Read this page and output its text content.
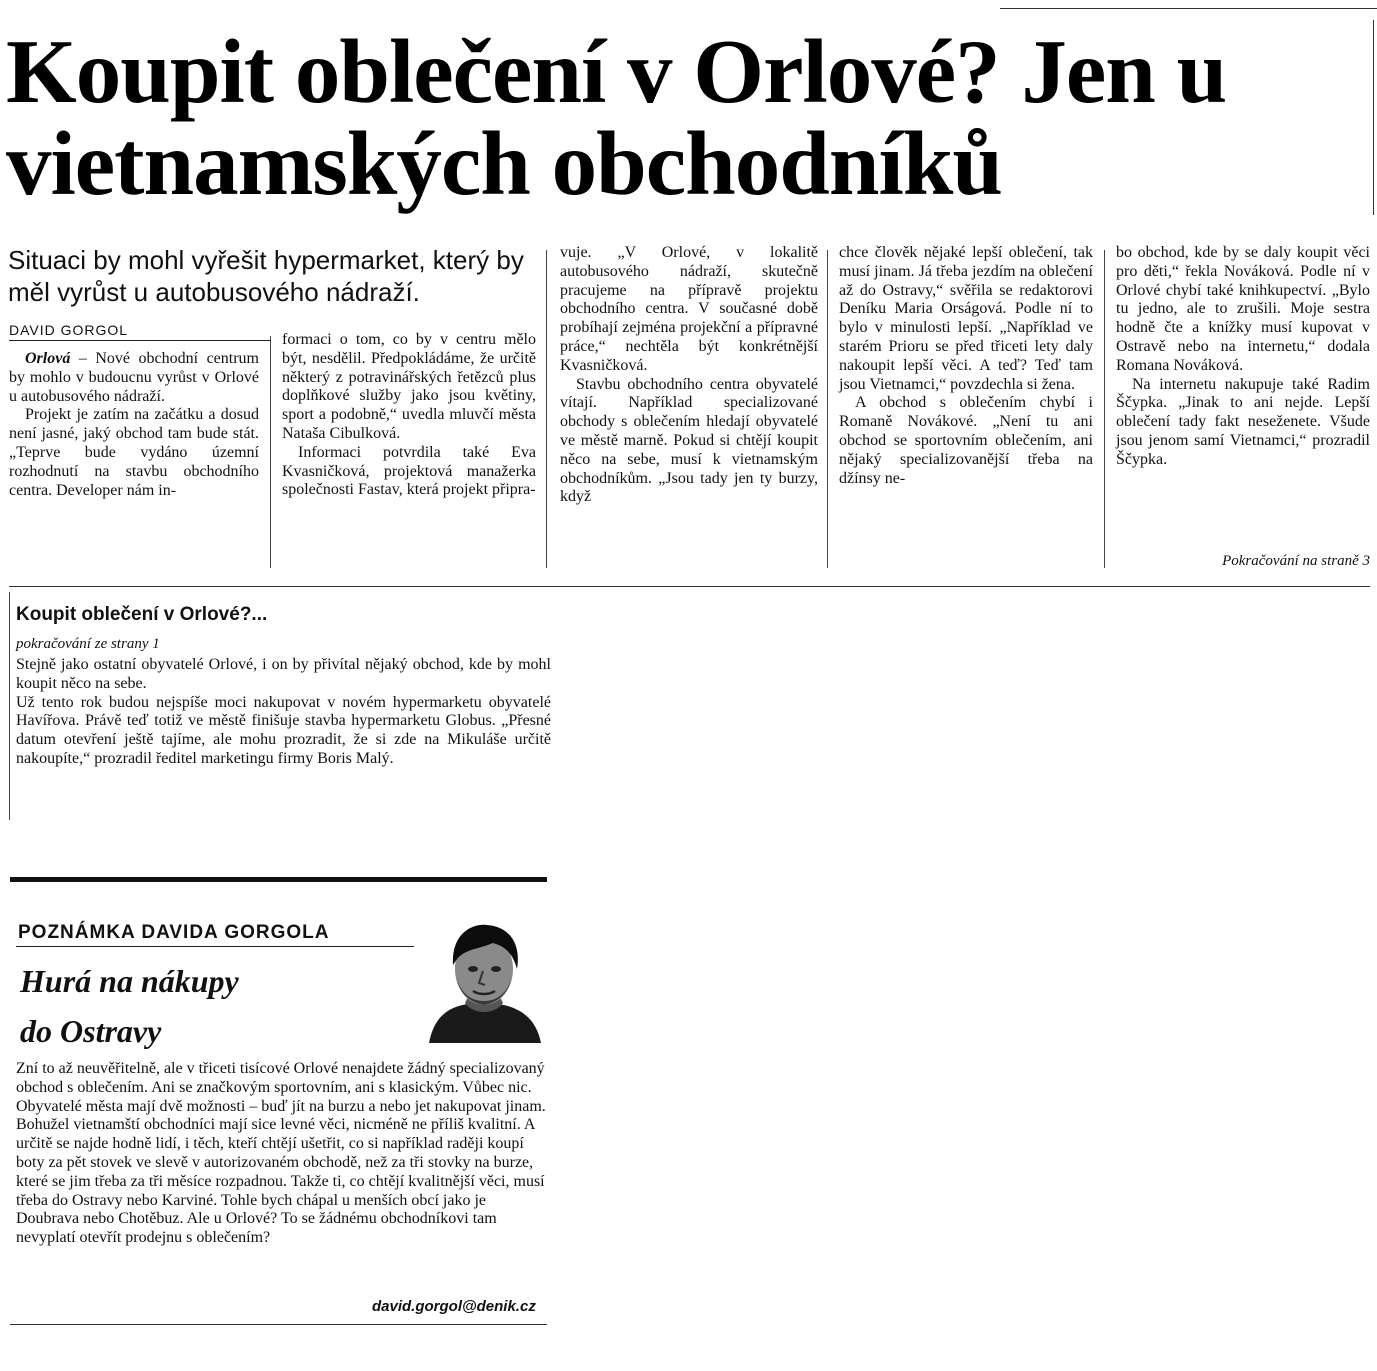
Koupit oblečení v Orlové? Jen u vietnamských obchodníků

Situaci by mohl vyřešit hypermarket, který by měl vyrůst u autobusového nádraží.

DAVID GORGOL

Orlová – Nové obchodní centrum by mohlo v budoucnu vyrůst v Orlové u autobusového nádraží.

Projekt je zatím na začátku a dosud není jasné, jaký obchod tam bude stát. „Teprve bude vydáno územní rozhodnutí na stavbu obchodního centra. Developer nám in-

formaci o tom, co by v centru mělo být, nesdělil. Předpokládáme, že určitě některý z potravinářských řetězců plus doplňkové služby jako jsou květiny, sport a podobně,“ uvedla mluvčí města Nataša Cibulková.

Informaci potvrdila také Eva Kvasničková, projektová manažerka společnosti Fastav, která projekt připra-

vuje. „V Orlové, v lokalitě autobusového nádraží, skutečně pracujeme na přípravě projektu obchodního centra. V současné době probíhají zejména projekční a přípravné práce,“ nechtěla být konkrétnější Kvasničková.

Stavbu obchodního centra obyvatelé vítají. Například specializované obchody s oblečením hledají obyvatelé ve městě marně. Pokud si chtějí koupit něco na sebe, musí k vietnamským obchodníkům. „Jsou tady jen ty burzy, když

chce člověk nějaké lepší oblečení, tak musí jinam. Já třeba jezdím na oblečení až do Ostravy,“ svěřila se redaktorovi Deníku Maria Orságová. Podle ní to bylo v minulosti lepší. „Například ve starém Prioru se před třiceti lety daly nakoupit lepší věci. A teď? Teď tam jsou Vietnamci,“ povzdechla si žena.

A obchod s oblečením chybí i Romaně Novákové. „Není tu ani obchod se sportovním oblečením, ani nějaký specializovanější třeba na džínsy ne-

bo obchod, kde by se daly koupit věci pro děti,“ řekla Nováková. Podle ní v Orlové chybí také knihkupectví. „Bylo tu jedno, ale to zrušili. Moje sestra hodně čte a knížky musí kupovat v Ostravě nebo na internetu,“ dodala Romana Nováková.

Na internetu nakupuje také Radim Ščypka. „Jinak to ani nejde. Lepší oblečení tady fakt neseženete. Všude jsou jenom samí Vietnamci,“ prozradil Ščypka.

Pokračování na straně 3
Koupit oblečení v Orlové?...
pokračování ze strany 1

Stejně jako ostatní obyvatelé Orlové, i on by přivítal nějaký obchod, kde by mohl koupit něco na sebe.

Už tento rok budou nejspíše moci nakupovat v novém hypermarketu obyvatelé Havířova. Právě teď totiž ve městě finišuje stavba hypermarketu Globus. „Přesné datum otevření ještě tajíme, ale mohu prozradit, že si zde na Mikuláše určitě nakoupíte,“ prozradil ředitel marketingu firmy Boris Malý.

POZNÁMKA DAVIDA GORGOLA
Hurá na nákupy
do Ostravy
Zní to až neuvěřitelně, ale v třiceti tisícové Orlové nenajdete žádný specializovaný obchod s oblečením. Ani se značkovým sportovním, ani s klasickým. Vůbec nic. Obyvatelé města mají dvě možnosti – buď jít na burzu a nebo jet nakupovat jinam. Bohužel vietnamští obchodníci mají sice levné věci, nicméně ne příliš kvalitní. A určitě se najde hodně lidí, i těch, kteří chtějí ušetřit, co si například raději koupí boty za pět stovek ve slevě v autorizovaném obchodě, než za tři stovky na burze, které se jim třeba za tři měsíce rozpadnou. Takže ti, co chtějí kvalitnější věci, musí třeba do Ostravy nebo Karviné. Tohle bych chápal u menších obcí jako je Doubrava nebo Chotěbuz. Ale u Orlové? To se žádnému obchodníkovi tam nevyplatí otevřít prodejnu s oblečením?
david.gorgol@denik.cz
